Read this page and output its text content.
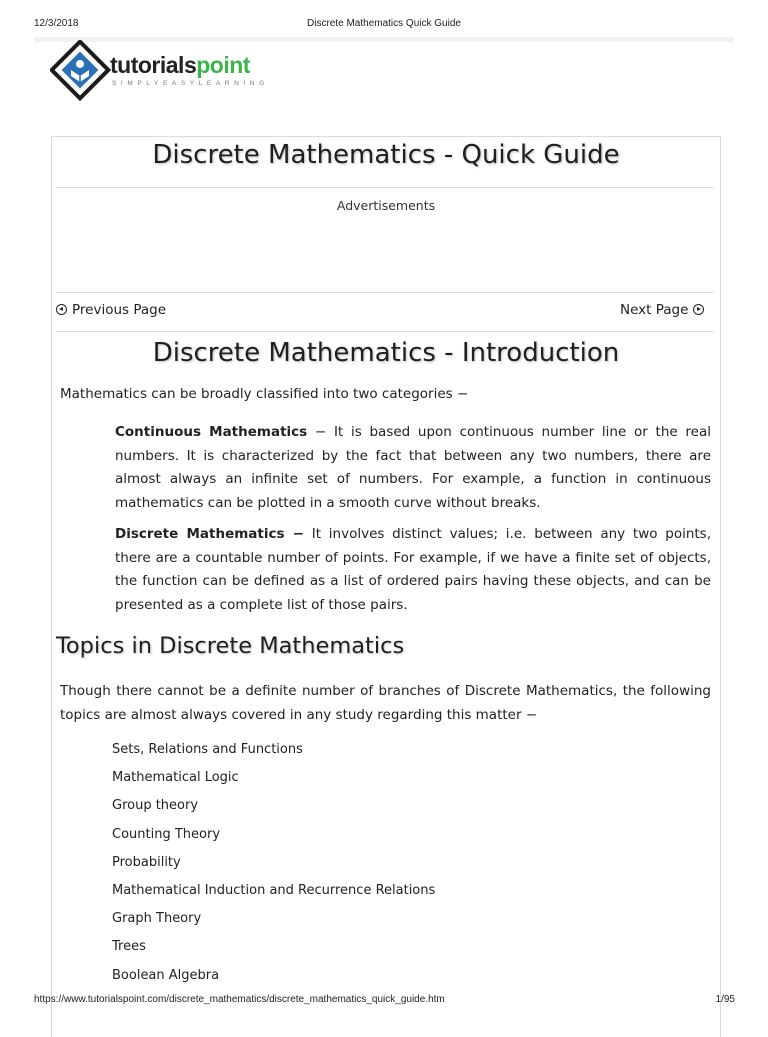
12/3/2018	Discrete Mathematics Quick Guide
tutorialspoint
SIMPLYEASYLEARNING
Discrete Mathematics - Quick Guide
Advertisements
Previous Page	Next Page
Discrete Mathematics - Introduction

Mathematics can be broadly classified into two categories −

Continuous Mathematics − It is based upon continuous number line or the real numbers. It is characterized by the fact that between any two numbers, there are almost always an infinite set of numbers. For example, a function in continuous mathematics can be plotted in a smooth curve without breaks.

Discrete Mathematics − It involves distinct values; i.e. between any two points, there are a countable number of points. For example, if we have a finite set of objects, the function can be defined as a list of ordered pairs having these objects, and can be presented as a complete list of those pairs.

Topics in Discrete Mathematics

Though there cannot be a definite number of branches of Discrete Mathematics, the following topics are almost always covered in any study regarding this matter −

Sets, Relations and Functions
Mathematical Logic
Group theory
Counting Theory
Probability
Mathematical Induction and Recurrence Relations
Graph Theory
Trees
Boolean Algebra
https://www.tutorialspoint.com/discrete_mathematics/discrete_mathematics_quick_guide.htm	1/95
